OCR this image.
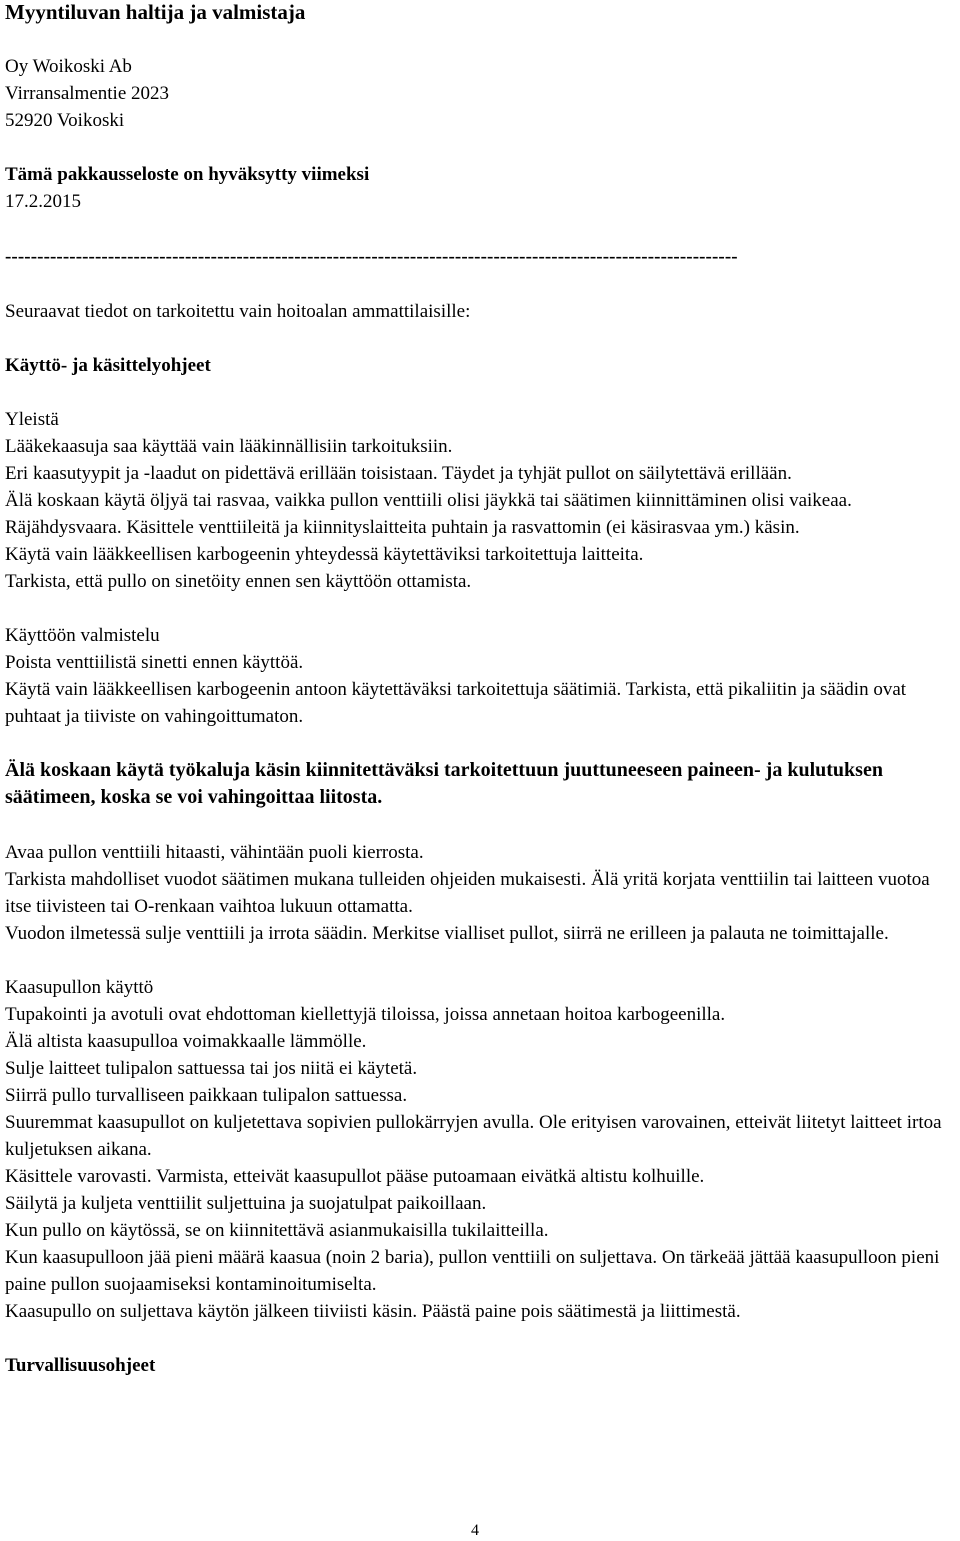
Myyntiluvan haltija ja valmistaja
Oy Woikoski Ab
Virransalmentie 2023
52920 Voikoski
Tämä pakkausseloste on hyväksytty viimeksi
17.2.2015
------------------------------------------------------------------------------------------------------------------
Seuraavat tiedot on tarkoitettu vain hoitoalan ammattilaisille:
Käyttö- ja käsittelyohjeet
Yleistä
Lääkekaasuja saa käyttää vain lääkinnällisiin tarkoituksiin.
Eri kaasutyypit ja -laadut on pidettävä erillään toisistaan. Täydet ja tyhjät pullot on säilytettävä erillään.
Älä koskaan käytä öljyä tai rasvaa, vaikka pullon venttiili olisi jäykkä tai säätimen kiinnittäminen olisi vaikeaa. Räjähdysvaara. Käsittele venttiileitä ja kiinnityslaitteita puhtain ja rasvattomin (ei käsirasvaa ym.) käsin.
Käytä vain lääkkeellisen karbogeenin yhteydessä käytettäviksi tarkoitettuja laitteita.
Tarkista, että pullo on sinetöity ennen sen käyttöön ottamista.
Käyttöön valmistelu
Poista venttiilistä sinetti ennen käyttöä.
Käytä vain lääkkeellisen karbogeenin antoon käytettäväksi tarkoitettuja säätimiä. Tarkista, että pikaliitin ja säädin ovat puhtaat ja tiiviste on vahingoittumaton.
Älä koskaan käytä työkaluja käsin kiinnitettäväksi tarkoitettuun juuttuneeseen paineen- ja kulutuksen säätimeen, koska se voi vahingoittaa liitosta.
Avaa pullon venttiili hitaasti, vähintään puoli kierrosta.
Tarkista mahdolliset vuodot säätimen mukana tulleiden ohjeiden mukaisesti. Älä yritä korjata venttiilin tai laitteen vuotoa itse tiivisteen tai O-renkaan vaihtoa lukuun ottamatta.
Vuodon ilmetessä sulje venttiili ja irrota säädin. Merkitse vialliset pullot, siirrä ne erilleen ja palauta ne toimittajalle.
Kaasupullon käyttö
Tupakointi ja avotuli ovat ehdottoman kiellettyjä tiloissa, joissa annetaan hoitoa karbogeenilla.
Älä altista kaasupulloa voimakkaalle lämmölle.
Sulje laitteet tulipalon sattuessa tai jos niitä ei käytetä.
Siirrä pullo turvalliseen paikkaan tulipalon sattuessa.
Suuremmat kaasupullot on kuljetettava sopivien pullokärryjen avulla. Ole erityisen varovainen, etteivät liitetyt laitteet irtoa kuljetuksen aikana.
Käsittele varovasti. Varmista, etteivät kaasupullot pääse putoamaan eivätkä altistu kolhuille.
Säilytä ja kuljeta venttiilit suljettuina ja suojatulpat paikoillaan.
Kun pullo on käytössä, se on kiinnitettävä asianmukaisilla tukilaitteilla.
Kun kaasupulloon jää pieni määrä kaasua (noin 2 baria), pullon venttiili on suljettava. On tärkeää jättää kaasupulloon pieni paine pullon suojaamiseksi kontaminoitumiselta.
Kaasupullo on suljettava käytön jälkeen tiiviisti käsin. Päästä paine pois säätimestä ja liittimestä.
Turvallisuusohjeet
4
